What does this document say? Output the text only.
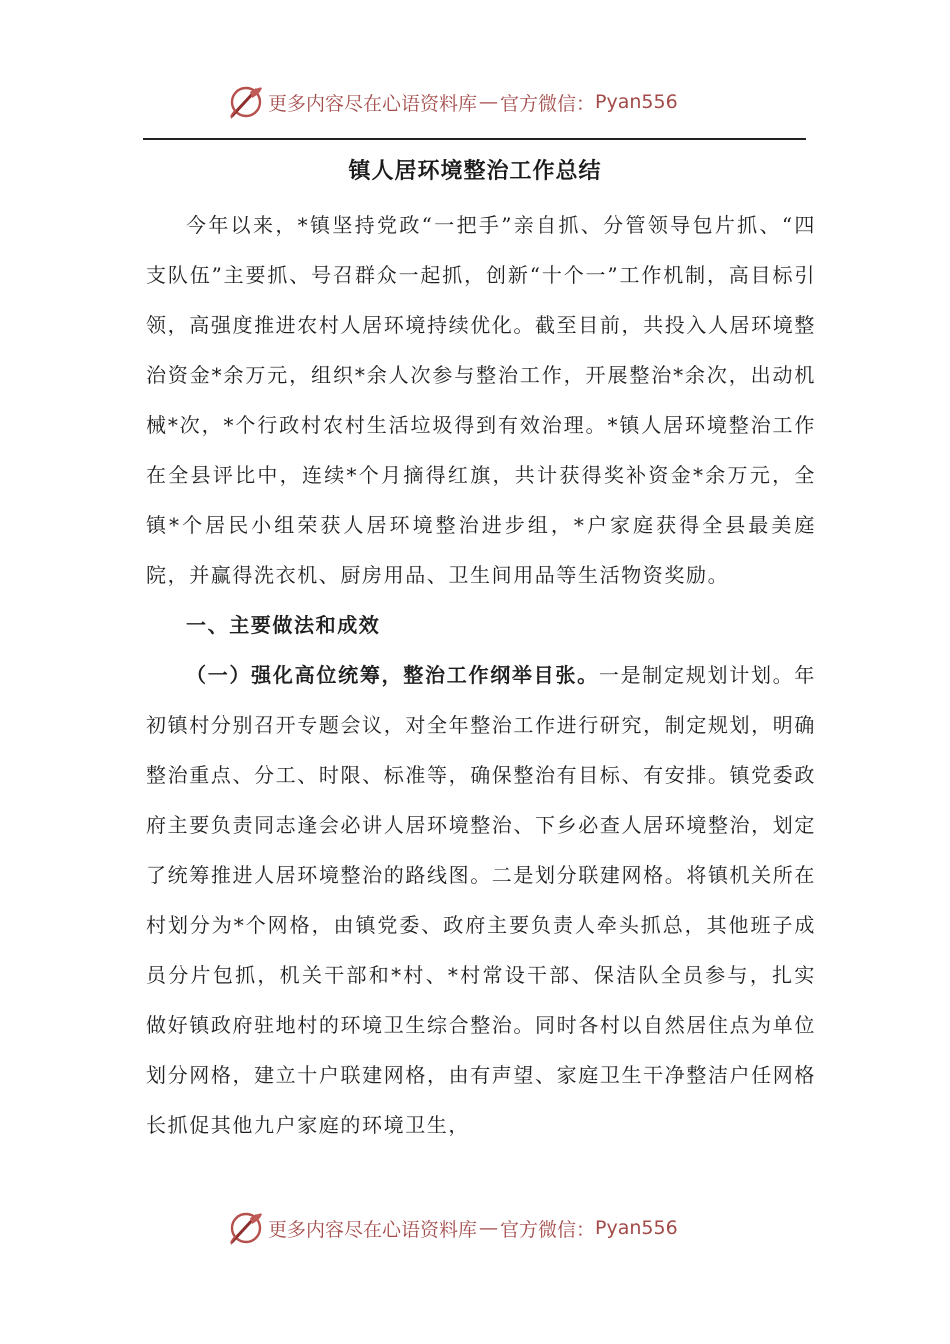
更多内容尽在心语资料库 — 官方微信： Pyan556
镇人居环境整治工作总结

今年以来，*镇坚持党政“一把手”亲自抓、分管领导包片抓、“四支队伍”主要抓、号召群众一起抓，创新“十个一”工作机制，高目标引领，高强度推进农村人居环境持续优化。截至目前，共投入人居环境整治资金*余万元，组织*余人次参与整治工作，开展整治*余次，出动机械*次，*个行政村农村生活垃圾得到有效治理。*镇人居环境整治工作在全县评比中，连续*个月摘得红旗，共计获得奖补资金*余万元，全镇*个居民小组荣获人居环境整治进步组，*户家庭获得全县最美庭院，并赢得洗衣机、厨房用品、卫生间用品等生活物资奖励。

一、主要做法和成效

（一）强化高位统筹，整治工作纲举目张。一是制定规划计划。年初镇村分别召开专题会议，对全年整治工作进行研究，制定规划，明确整治重点、分工、时限、标准等，确保整治有目标、有安排。镇党委政府主要负责同志逢会必讲人居环境整治、下乡必查人居环境整治，划定了统筹推进人居环境整治的路线图。二是划分联建网格。将镇机关所在村划分为*个网格，由镇党委、政府主要负责人牵头抓总，其他班子成员分片包抓，机关干部和*村、*村常设干部、保洁队全员参与，扎实做好镇政府驻地村的环境卫生综合整治。同时各村以自然居住点为单位划分网格，建立十户联建网格，由有声望、家庭卫生干净整洁户任网格长抓促其他九户家庭的环境卫生，

更多内容尽在心语资料库 — 官方微信： Pyan556
